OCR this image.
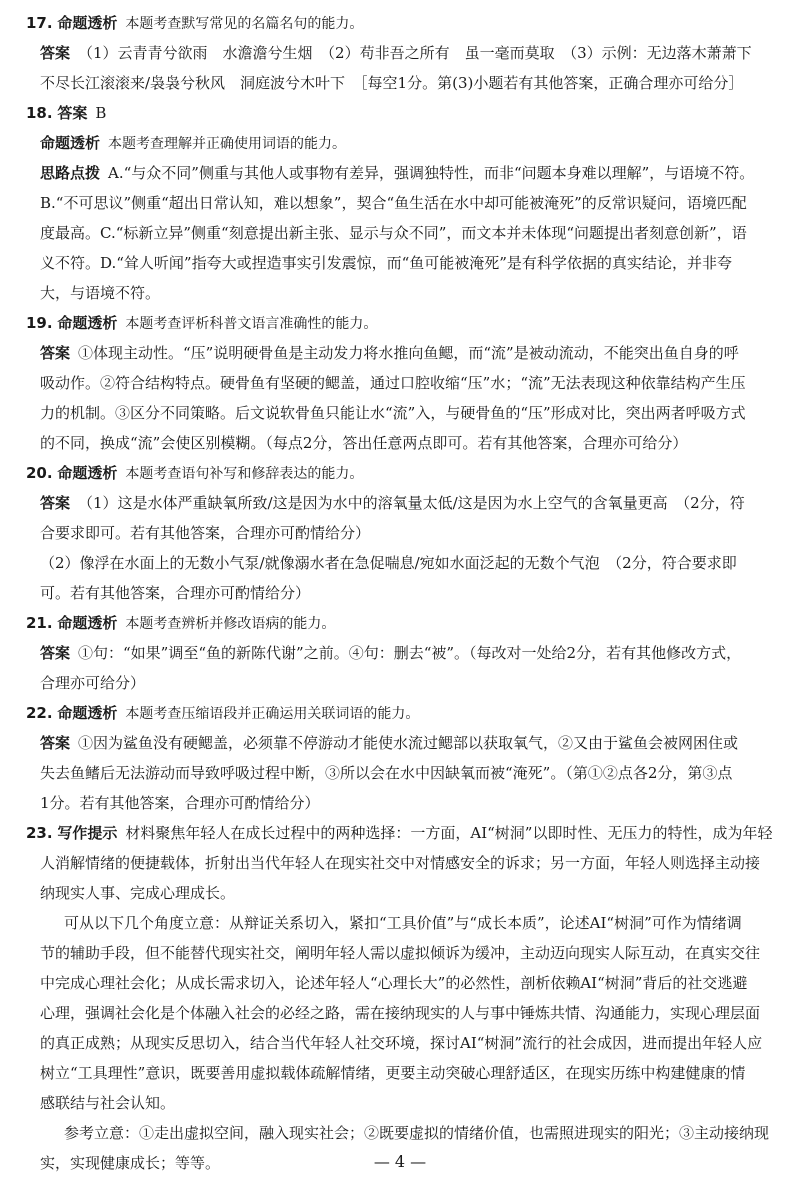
17. 命题透析 本题考查默写常见的名篇名句的能力。
答案 （1）云青青兮欲雨　水澹澹兮生烟　（2）苟非吾之所有　虽一毫而莫取　（3）示例：无边落木萧萧下
不尽长江滚滚来/袅袅兮秋风　洞庭波兮木叶下　［每空1分。第(3)小题若有其他答案，正确合理亦可给分］
18. 答案 B
命题透析 本题考查理解并正确使用词语的能力。
思路点拨 A.“与众不同”侧重与其他人或事物有差异，强调独特性，而非“问题本身难以理解”，与语境不符。
B.“不可思议”侧重“超出日常认知，难以想象”，契合“鱼生活在水中却可能被淹死”的反常识疑问，语境匹配
度最高。C.“标新立异”侧重“刻意提出新主张、显示与众不同”，而文本并未体现“问题提出者刻意创新”，语
义不符。D.“耸人听闻”指夸大或捏造事实引发震惊，而“鱼可能被淹死”是有科学依据的真实结论，并非夸
大，与语境不符。
19. 命题透析 本题考查评析科普文语言准确性的能力。
答案 ①体现主动性。“压”说明硬骨鱼是主动发力将水推向鱼鳃，而“流”是被动流动，不能突出鱼自身的呼
吸动作。②符合结构特点。硬骨鱼有坚硬的鳃盖，通过口腔收缩“压”水；“流”无法表现这种依靠结构产生压
力的机制。③区分不同策略。后文说软骨鱼只能让水“流”入，与硬骨鱼的“压”形成对比，突出两者呼吸方式
的不同，换成“流”会使区别模糊。（每点2分，答出任意两点即可。若有其他答案，合理亦可给分）
20. 命题透析 本题考查语句补写和修辞表达的能力。
答案 （1）这是水体严重缺氧所致/这是因为水中的溶氧量太低/这是因为水上空气的含氧量更高　（2分，符
合要求即可。若有其他答案，合理亦可酌情给分）
（2）像浮在水面上的无数小气泵/就像溺水者在急促喘息/宛如水面泛起的无数个气泡　（2分，符合要求即
可。若有其他答案，合理亦可酌情给分）
21. 命题透析 本题考查辨析并修改语病的能力。
答案 ①句：“如果”调至“鱼的新陈代谢”之前。④句：删去“被”。（每改对一处给2分，若有其他修改方式，
合理亦可给分）
22. 命题透析 本题考查压缩语段并正确运用关联词语的能力。
答案 ①因为鲨鱼没有硬鳃盖，必须靠不停游动才能使水流过鳃部以获取氧气，②又由于鲨鱼会被网困住或
失去鱼鳍后无法游动而导致呼吸过程中断，③所以会在水中因缺氧而被“淹死”。（第①②点各2分，第③点
1分。若有其他答案，合理亦可酌情给分）
23. 写作提示 材料聚焦年轻人在成长过程中的两种选择：一方面，AI“树洞”以即时性、无压力的特性，成为年轻
人消解情绪的便捷载体，折射出当代年轻人在现实社交中对情感安全的诉求；另一方面，年轻人则选择主动接
纳现实人事、完成心理成长。
可从以下几个角度立意：从辩证关系切入，紧扣“工具价值”与“成长本质”，论述AI“树洞”可作为情绪调
节的辅助手段，但不能替代现实社交，阐明年轻人需以虚拟倾诉为缓冲，主动迈向现实人际互动，在真实交往
中完成心理社会化；从成长需求切入，论述年轻人“心理长大”的必然性，剖析依赖AI“树洞”背后的社交逃避
心理，强调社会化是个体融入社会的必经之路，需在接纳现实的人与事中锤炼共情、沟通能力，实现心理层面
的真正成熟；从现实反思切入，结合当代年轻人社交环境，探讨AI“树洞”流行的社会成因，进而提出年轻人应
树立“工具理性”意识，既要善用虚拟载体疏解情绪，更要主动突破心理舒适区，在现实历练中构建健康的情
感联结与社会认知。
参考立意：①走出虚拟空间，融入现实社会；②既要虚拟的情绪价值，也需照进现实的阳光；③主动接纳现
实，实现健康成长；等等。	— 4 —
